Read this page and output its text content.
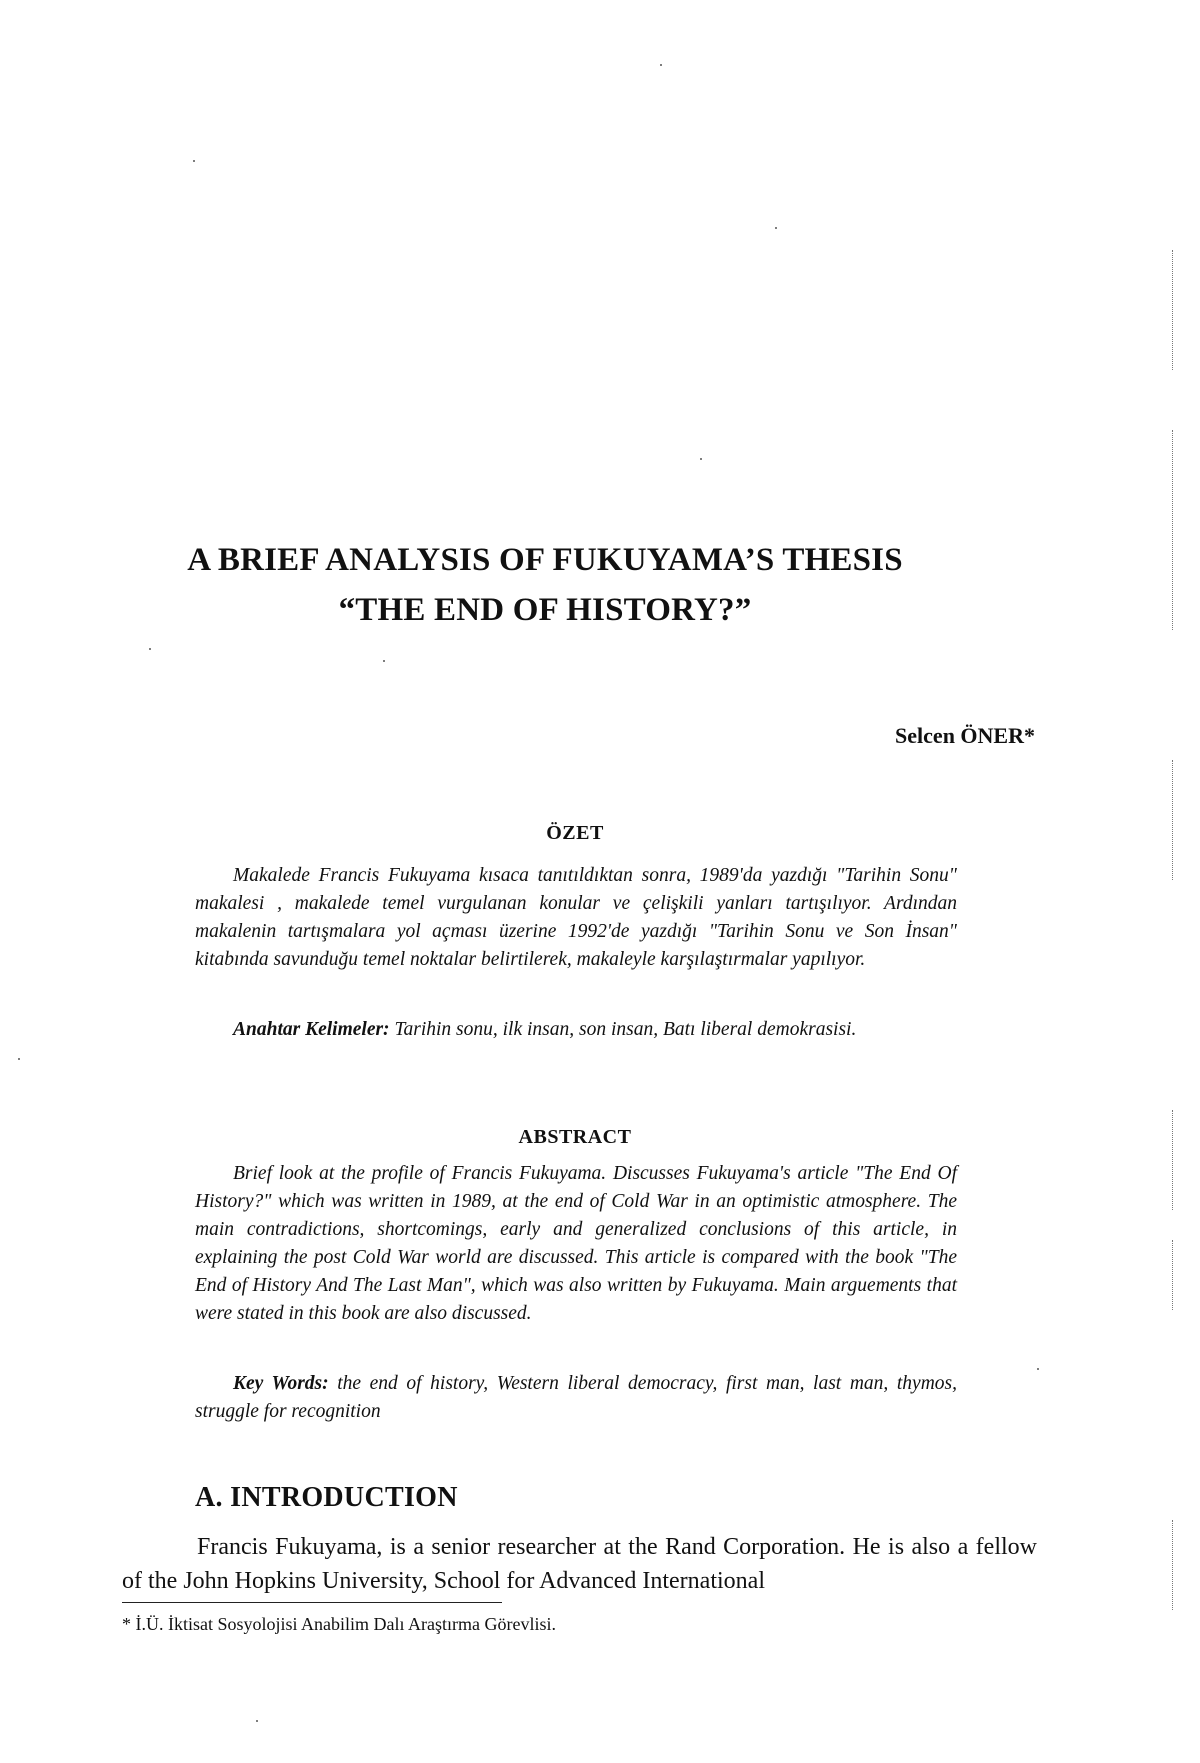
A BRIEF ANALYSIS OF FUKUYAMA’S THESIS
“THE END OF HISTORY?”
Selcen ÖNER*
ÖZET

Makalede Francis Fukuyama kısaca tanıtıldıktan sonra, 1989'da yazdığı "Tarihin Sonu" makalesi , makalede temel vurgulanan konular ve çelişkili yanları tartışılıyor. Ardından makalenin tartışmalara yol açması üzerine 1992'de yazdığı "Tarihin Sonu ve Son İnsan" kitabında savunduğu temel noktalar belirtilerek, makaleyle karşılaştırmalar yapılıyor.

Anahtar Kelimeler: Tarihin sonu, ilk insan, son insan, Batı liberal demokrasisi.

ABSTRACT

Brief look at the profile of Francis Fukuyama. Discusses Fukuyama's article "The End Of History?" which was written in 1989, at the end of Cold War in an optimistic atmosphere. The main contradictions, shortcomings, early and generalized conclusions of this article, in explaining the post Cold War world are discussed. This article is compared with the book "The End of History And The Last Man", which was also written by Fukuyama. Main arguements that were stated in this book are also discussed.

Key Words: the end of history, Western liberal democracy, first man, last man, thymos, struggle for recognition

A. INTRODUCTION

Francis Fukuyama, is a senior researcher at the Rand Corporation. He is also a fellow of the John Hopkins University, School for Advanced International

* İ.Ü. İktisat Sosyolojisi Anabilim Dalı Araştırma Görevlisi.
